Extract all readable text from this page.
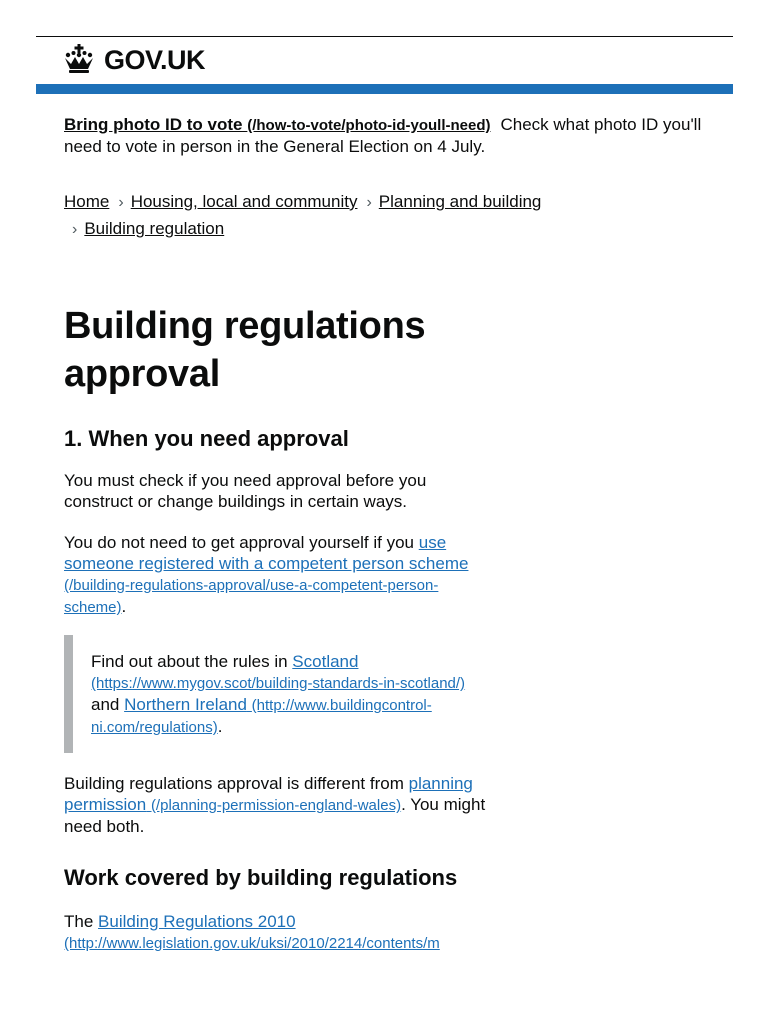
GOV.UK
Bring photo ID to vote (/how-to-vote/photo-id-youll-need) Check what photo ID you'll need to vote in person in the General Election on 4 July.
Home › Housing, local and community › Planning and building
› Building regulation
Building regulations approval
1. When you need approval

You must check if you need approval before you construct or change buildings in certain ways.

You do not need to get approval yourself if you use someone registered with a competent person scheme (/building-regulations-approval/use-a-competent-person-scheme).

Find out about the rules in Scotland (https://www.mygov.scot/building-standards-in-scotland/) and Northern Ireland (http://www.buildingcontrol-ni.com/regulations).

Building regulations approval is different from planning permission (/planning-permission-england-wales). You might need both.

Work covered by building regulations

The Building Regulations 2010 (http://www.legislation.gov.uk/uksi/2010/2214/contents/m
